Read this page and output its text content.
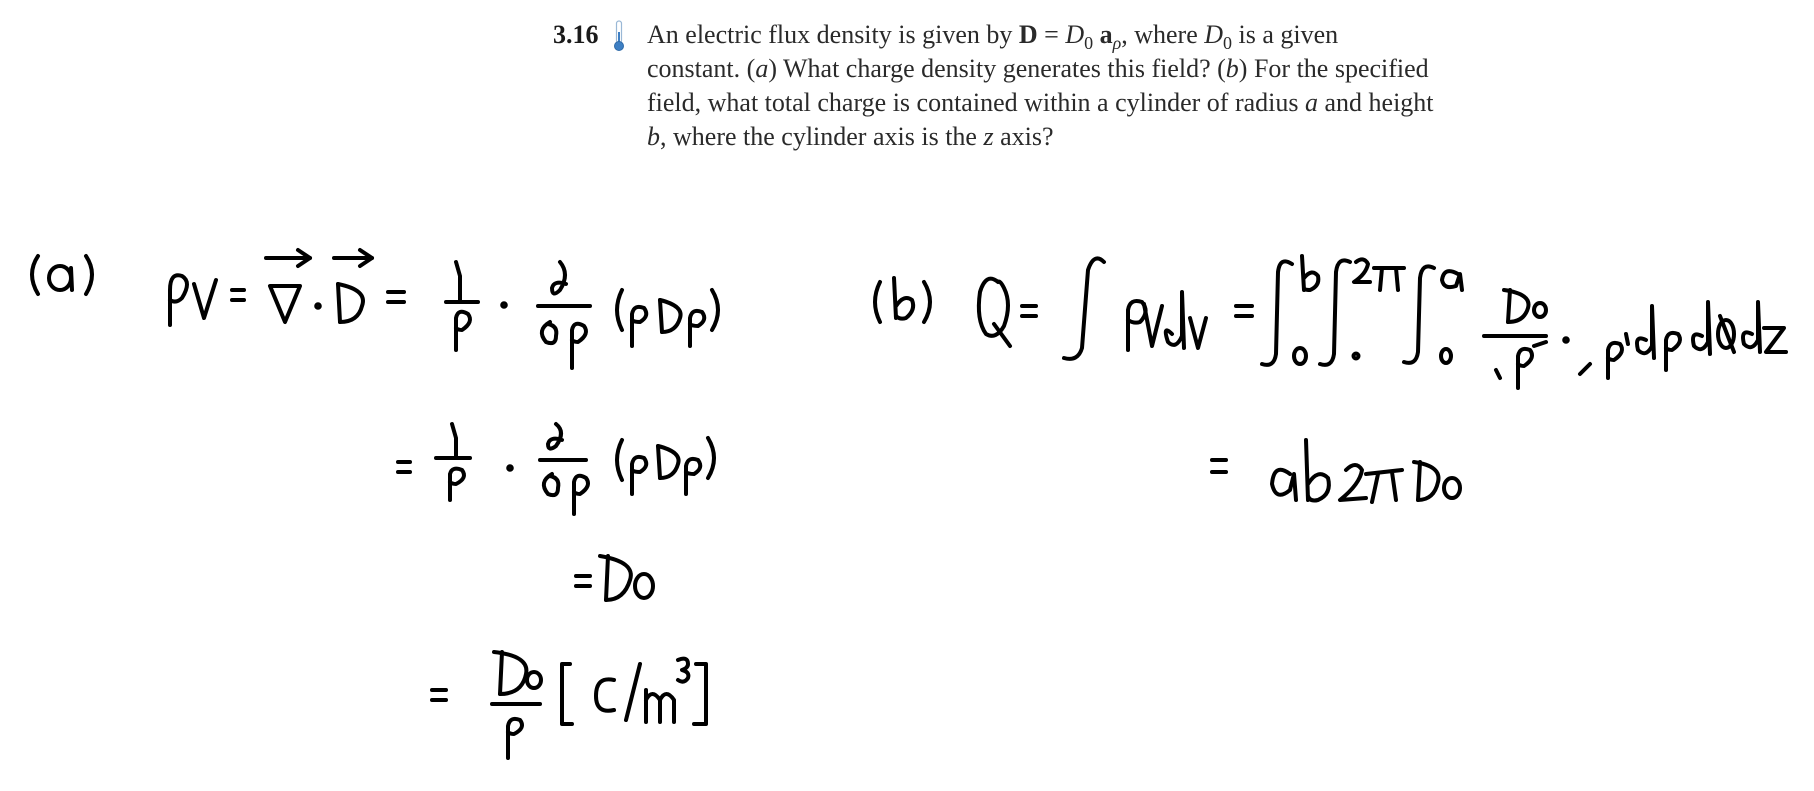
3.16 An electric flux density is given by $D = D_0$ $a_\rho$, where $D_0$ is a given
constant. (a) What charge density generates this field? (b) For the specified
field, what total charge is contained within a cylinder of radius a and height
b, where the cylinder axis is the z axis?
